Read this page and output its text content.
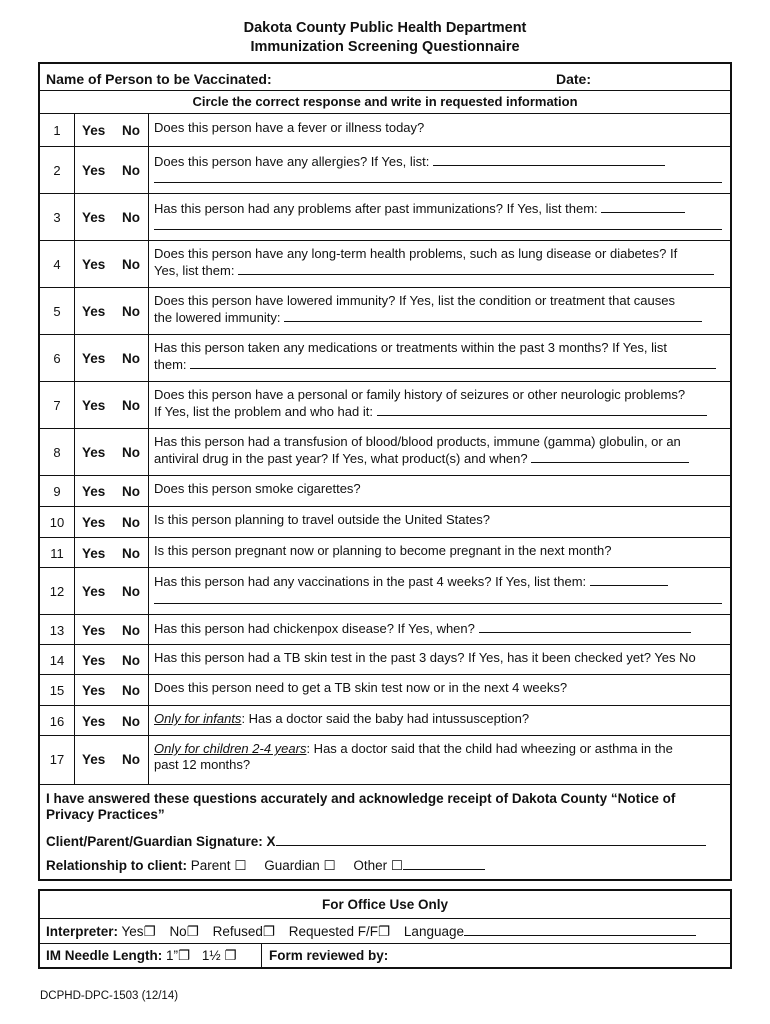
Dakota County Public Health Department
Immunization Screening Questionnaire
Name of Person to be Vaccinated:	Date:
Circle the correct response and write in requested information
1	Yes No Does this person have a fever or illness today?
2	Yes No
Does this person have any allergies? If Yes, list:
3	Yes No
Has this person had any problems after past immunizations? If Yes, list them:
4	Yes No
Does this person have any long-term health problems, such as lung disease or diabetes? If
Yes, list them:
5	Yes No
Does this person have lowered immunity? If Yes, list the condition or treatment that causes
the lowered immunity:
6	Yes No
Has this person taken any medications or treatments within the past 3 months? If Yes, list
them:
7	Yes No
Does this person have a personal or family history of seizures or other neurologic problems?
If Yes, list the problem and who had it:
8	Yes No
Has this person had a transfusion of blood/blood products, immune (gamma) globulin, or an
antiviral drug in the past year? If Yes, what product(s) and when?
9	Yes No Does this person smoke cigarettes?
10	Yes No Is this person planning to travel outside the United States?
11	Yes No Is this person pregnant now or planning to become pregnant in the next month?
12	Yes No
Has this person had any vaccinations in the past 4 weeks? If Yes, list them:
13	Yes No Has this person had chickenpox disease? If Yes, when?
14	Yes No Has this person had a TB skin test in the past 3 days? If Yes, has it been checked yet? Yes No
15	Yes No Does this person need to get a TB skin test now or in the next 4 weeks?
16	Yes No Only for infants: Has a doctor said the baby had intussusception?
17	Yes No
Only for children 2-4 years: Has a doctor said that the child had wheezing or asthma in the
past 12 months?
I have answered these questions accurately and acknowledge receipt of Dakota County “Notice of Privacy Practices”
Client/Parent/Guardian Signature: X
Relationship to client: Parent ☐ Guardian ☐ Other ☐
For Office Use Only
Interpreter: Yes❐ No❐ Refused❐ Requested F/F❐ Language
IM Needle Length: 1”❐ 1½ ❐ Form reviewed by:
DCPHD-DPC-1503 (12/14)
